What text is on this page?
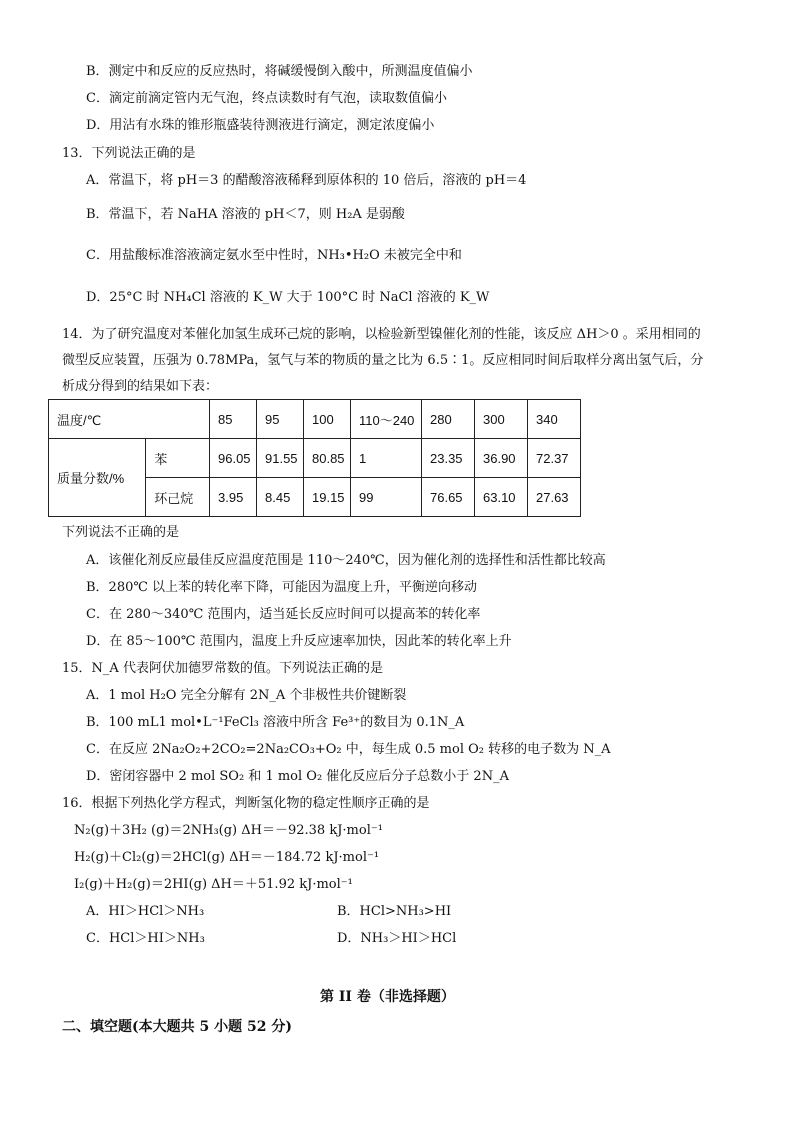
B．测定中和反应的反应热时，将碱缓慢倒入酸中，所测温度值偏小
C．滴定前滴定管内无气泡，终点读数时有气泡，读取数值偏小
D．用沾有水珠的锥形瓶盛装待测液进行滴定，测定浓度偏小
13．下列说法正确的是
A．常温下，将 pH＝3 的醋酸溶液稀释到原体积的 10 倍后，溶液的 pH＝4
B．常温下，若 NaHA 溶液的 pH＜7，则 H₂A 是弱酸
C．用盐酸标准溶液滴定氨水至中性时，NH₃•H₂O 未被完全中和
D．25°C 时 NH₄Cl 溶液的 K_W 大于 100°C 时 NaCl 溶液的 K_W
14．为了研究温度对苯催化加氢生成环己烷的影响，以检验新型镍催化剂的性能，该反应 ΔH＞0 。采用相同的
微型反应装置，压强为 0.78MPa，氢气与苯的物质的量之比为 6.5∶1。反应相同时间后取样分离出氢气后，分
析成分得到的结果如下表：
温度/℃		85	95	100	110～240	280	300	340
质量分数/%	苯	96.05	91.55	80.85	1	23.35	36.90	72.37
	环己烷	3.95	8.45	19.15	99	76.65	63.10	27.63
下列说法不正确的是
A．该催化剂反应最佳反应温度范围是 110～240℃，因为催化剂的选择性和活性都比较高
B．280℃ 以上苯的转化率下降，可能因为温度上升，平衡逆向移动
C．在 280～340℃ 范围内，适当延长反应时间可以提高苯的转化率
D．在 85～100℃ 范围内，温度上升反应速率加快，因此苯的转化率上升
15．N_A 代表阿伏加德罗常数的值。下列说法正确的是
A．1 mol H₂O 完全分解有 2N_A 个非极性共价键断裂
B．100 mL1 mol•L⁻¹FeCl₃ 溶液中所含 Fe³⁺的数目为 0.1N_A
C．在反应 2Na₂O₂+2CO₂=2Na₂CO₃+O₂ 中，每生成 0.5 mol O₂ 转移的电子数为 N_A
D．密闭容器中 2 mol SO₂ 和 1 mol O₂ 催化反应后分子总数小于 2N_A
16．根据下列热化学方程式，判断氢化物的稳定性顺序正确的是
N₂(g)＋3H₂ (g)＝2NH₃(g) ΔH＝－92.38 kJ·mol⁻¹
H₂(g)＋Cl₂(g)＝2HCl(g) ΔH＝－184.72 kJ·mol⁻¹
I₂(g)＋H₂(g)＝2HI(g) ΔH＝＋51.92 kJ·mol⁻¹
A．HI＞HCl＞NH₃	B．HCl>NH₃>HI
C．HCl＞HI＞NH₃	D．NH₃＞HI＞HCl
第 II 卷（非选择题）
二、填空题(本大题共 5 小题 52 分)
